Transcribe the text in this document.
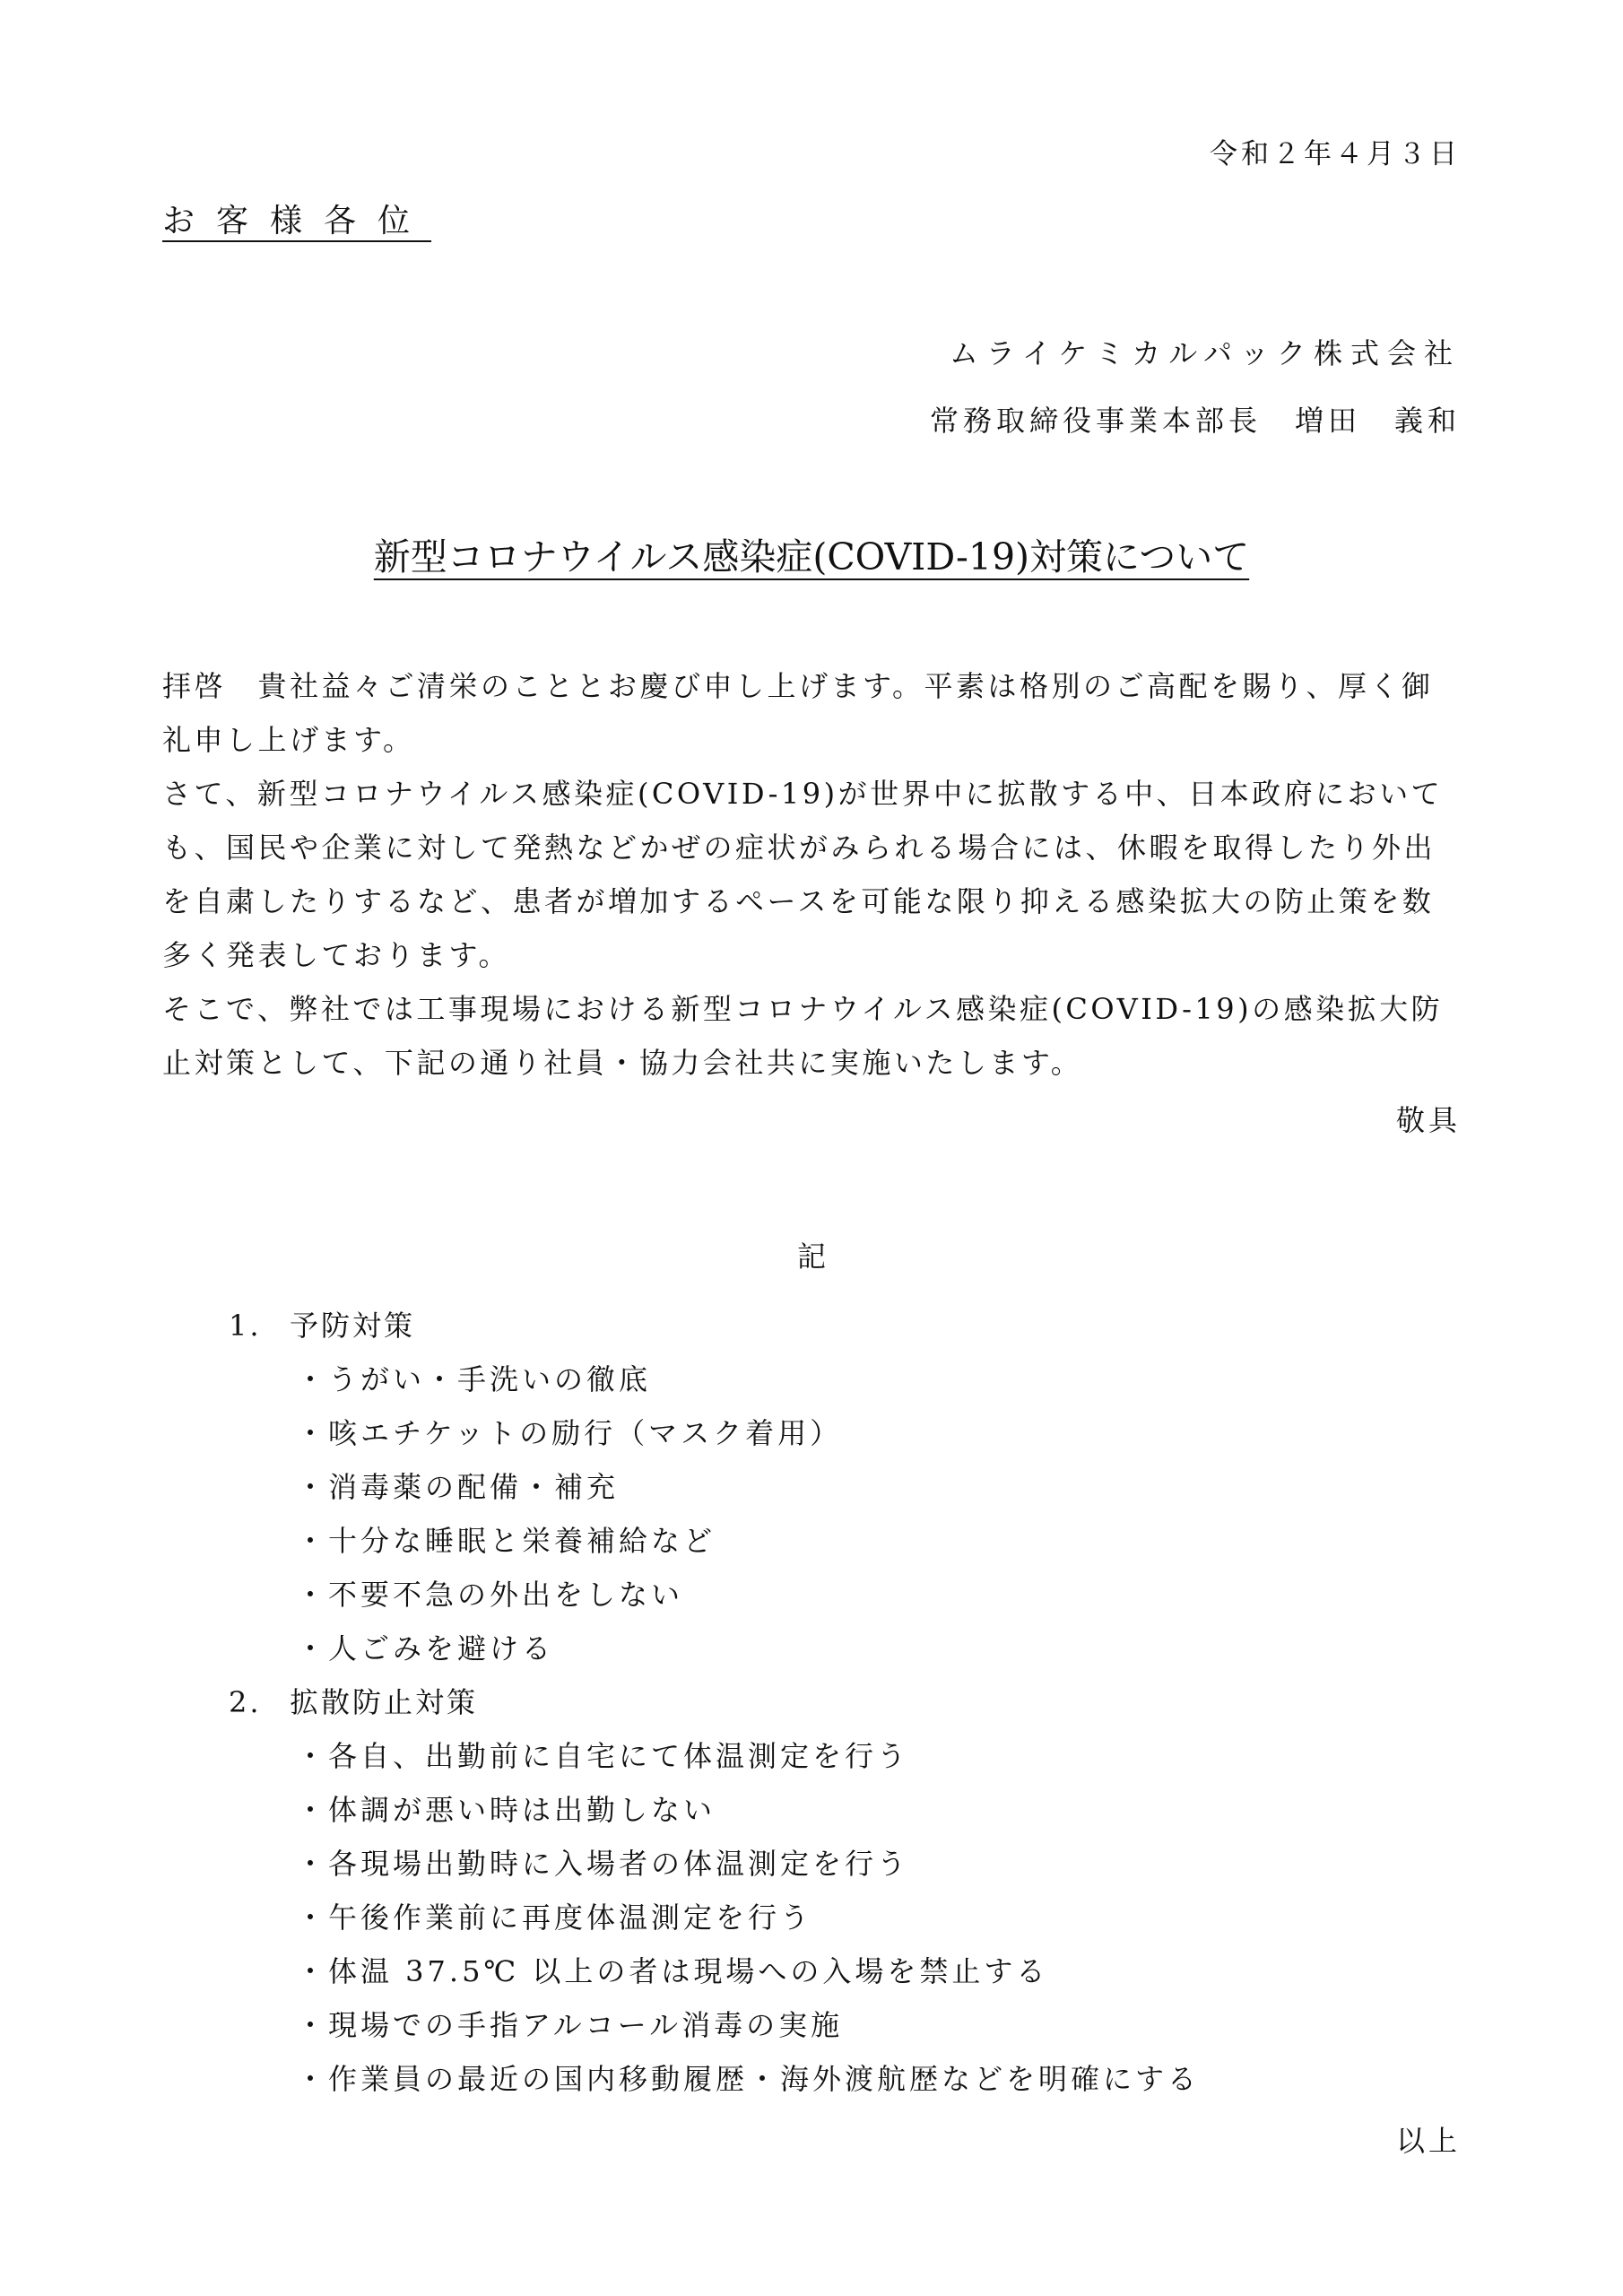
令和２年４月３日
お客様各位
ムライケミカルパック株式会社
常務取締役事業本部長　増田　義和
新型コロナウイルス感染症(COVID-19)対策について

拝啓　貴社益々ご清栄のこととお慶び申し上げます。平素は格別のご高配を賜り、厚く御礼申し上げます。

さて、新型コロナウイルス感染症(COVID-19)が世界中に拡散する中、日本政府においても、国民や企業に対して発熱などかぜの症状がみられる場合には、休暇を取得したり外出を自粛したりするなど、患者が増加するペースを可能な限り抑える感染拡大の防止策を数多く発表しております。

そこで、弊社では工事現場における新型コロナウイルス感染症(COVID-19)の感染拡大防止対策として、下記の通り社員・協力会社共に実施いたします。

敬具
記
1. 予防対策
・うがい・手洗いの徹底
・咳エチケットの励行（マスク着用）
・消毒薬の配備・補充
・十分な睡眠と栄養補給など
・不要不急の外出をしない
・人ごみを避ける
2. 拡散防止対策
・各自、出勤前に自宅にて体温測定を行う
・体調が悪い時は出勤しない
・各現場出勤時に入場者の体温測定を行う
・午後作業前に再度体温測定を行う
・体温 37.5℃ 以上の者は現場への入場を禁止する
・現場での手指アルコール消毒の実施
・作業員の最近の国内移動履歴・海外渡航歴などを明確にする
以上
